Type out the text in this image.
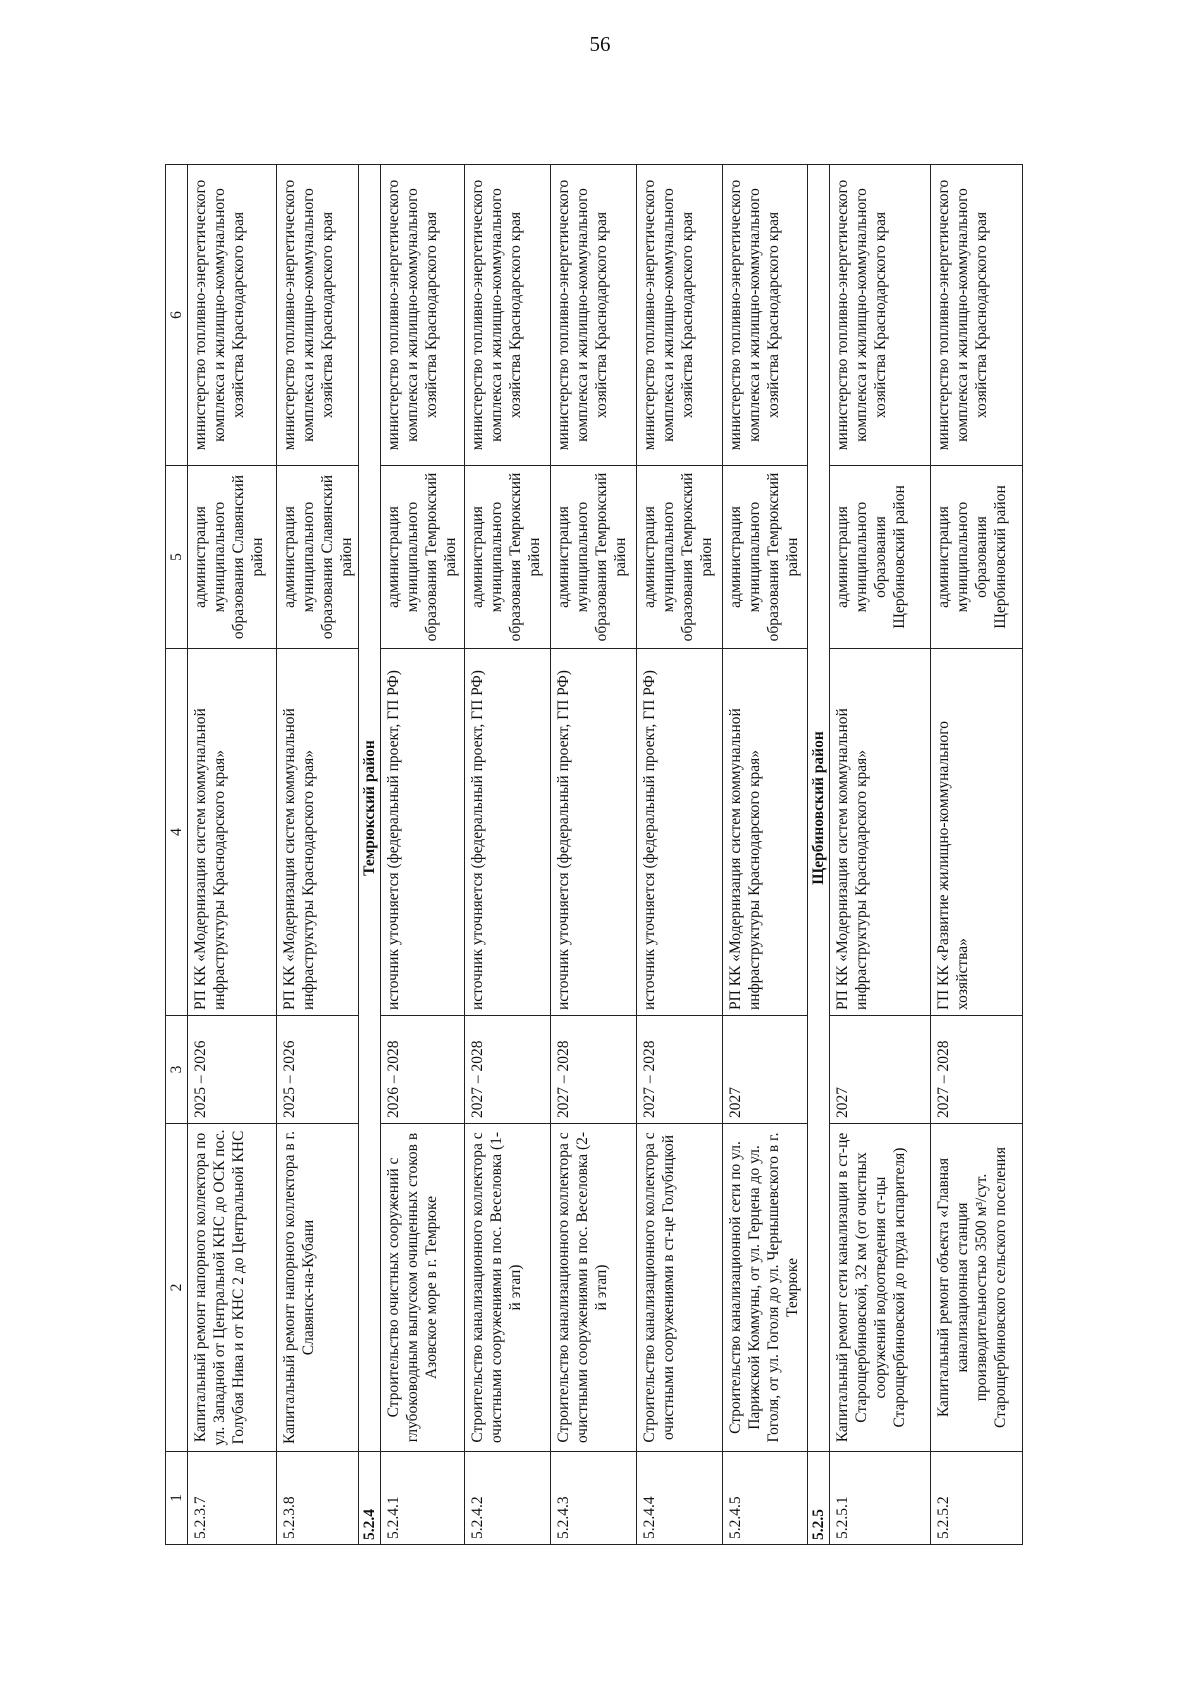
56
1	2	3	4	5	6
5.2.3.7	Капитальный ремонт напорного коллектора по ул. Западной от Центральной КНС до ОСК пос. Голубая Нива и от КНС 2 до Центральной КНС	2025 – 2026	РП КК «Модернизация систем коммунальной инфраструктуры Краснодарского края»	администрация муниципального образования Славянский район	министерство топливно-энергетического комплекса и жилищно-коммунального хозяйства Краснодарского края
5.2.3.8	Капитальный ремонт напорного коллектора в г. Славянск-на-Кубани	2025 – 2026	РП КК «Модернизация систем коммунальной инфраструктуры Краснодарского края»	администрация муниципального образования Славянский район	министерство топливно-энергетического комплекса и жилищно-коммунального хозяйства Краснодарского края
5.2.4	Темрюкский район				
5.2.4.1	Строительство очистных сооружений с глубоководным выпуском очищенных стоков в Азовское море в г. Темрюке	2026 – 2028	источник уточняется (федеральный проект, ГП РФ)	администрация муниципального образования Темрюкский район	министерство топливно-энергетического комплекса и жилищно-коммунального хозяйства Краснодарского края
5.2.4.2	Строительство канализационного коллектора с очистными сооружениями в пос. Веселовка (1-й этап)	2027 – 2028	источник уточняется (федеральный проект, ГП РФ)	администрация муниципального образования Темрюкский район	министерство топливно-энергетического комплекса и жилищно-коммунального хозяйства Краснодарского края
5.2.4.3	Строительство канализационного коллектора с очистными сооружениями в пос. Веселовка (2-й этап)	2027 – 2028	источник уточняется (федеральный проект, ГП РФ)	администрация муниципального образования Темрюкский район	министерство топливно-энергетического комплекса и жилищно-коммунального хозяйства Краснодарского края
5.2.4.4	Строительство канализационного коллектора с очистными сооружениями в ст-це Голубицкой	2027 – 2028	источник уточняется (федеральный проект, ГП РФ)	администрация муниципального образования Темрюкский район	министерство топливно-энергетического комплекса и жилищно-коммунального хозяйства Краснодарского края
5.2.4.5	Строительство канализационной сети по ул. Парижской Коммуны, от ул. Герцена до ул. Гоголя, от ул. Гоголя до ул. Чернышевского в г. Темрюке	2027	РП КК «Модернизация систем коммунальной инфраструктуры Краснодарского края»	администрация муниципального образования Темрюкский район	министерство топливно-энергетического комплекса и жилищно-коммунального хозяйства Краснодарского края
5.2.5	Щербиновский район				
5.2.5.1	Капитальный ремонт сети канализации в ст-це Старощербиновской, 32 км (от очистных сооружений водоотведения ст-цы Старощербиновской до пруда испарителя)	2027	РП КК «Модернизация систем коммунальной инфраструктуры Краснодарского края»	администрация муниципального образования Щербиновский район	министерство топливно-энергетического комплекса и жилищно-коммунального хозяйства Краснодарского края
5.2.5.2	Капитальный ремонт объекта «Главная канализационная станция производительностью 3500 м³/сут. Старощербиновского сельского поселения	2027 – 2028	ГП КК «Развитие жилищно-коммунального хозяйства»	администрация муниципального образования Щербиновский район	министерство топливно-энергетического комплекса и жилищно-коммунального хозяйства Краснодарского края
